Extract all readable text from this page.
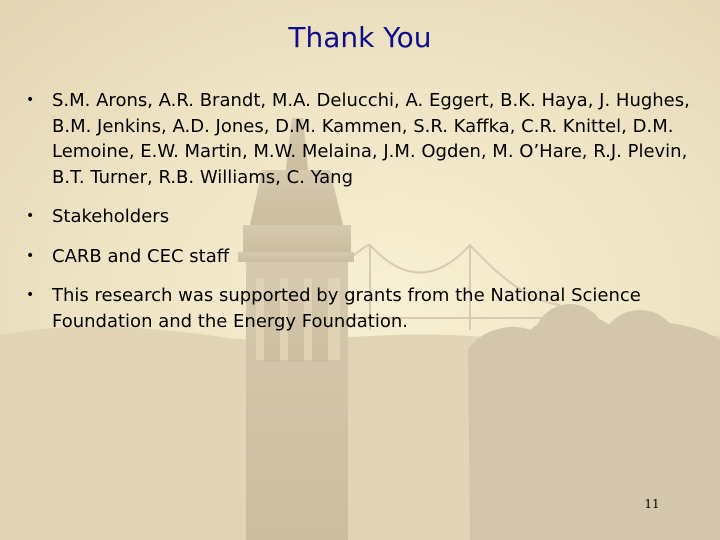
Thank You
• S.M. Arons, A.R. Brandt, M.A. Delucchi, A. Eggert, B.K. Haya, J. Hughes, B.M. Jenkins, A.D. Jones, D.M. Kammen, S.R. Kaffka, C.R. Knittel, D.M. Lemoine, E.W. Martin, M.W. Melaina, J.M. Ogden, M. O’Hare, R.J. Plevin, B.T. Turner, R.B. Williams, C. Yang
• Stakeholders
• CARB and CEC staff
• This research was supported by grants from the National Science Foundation and the Energy Foundation.
11
